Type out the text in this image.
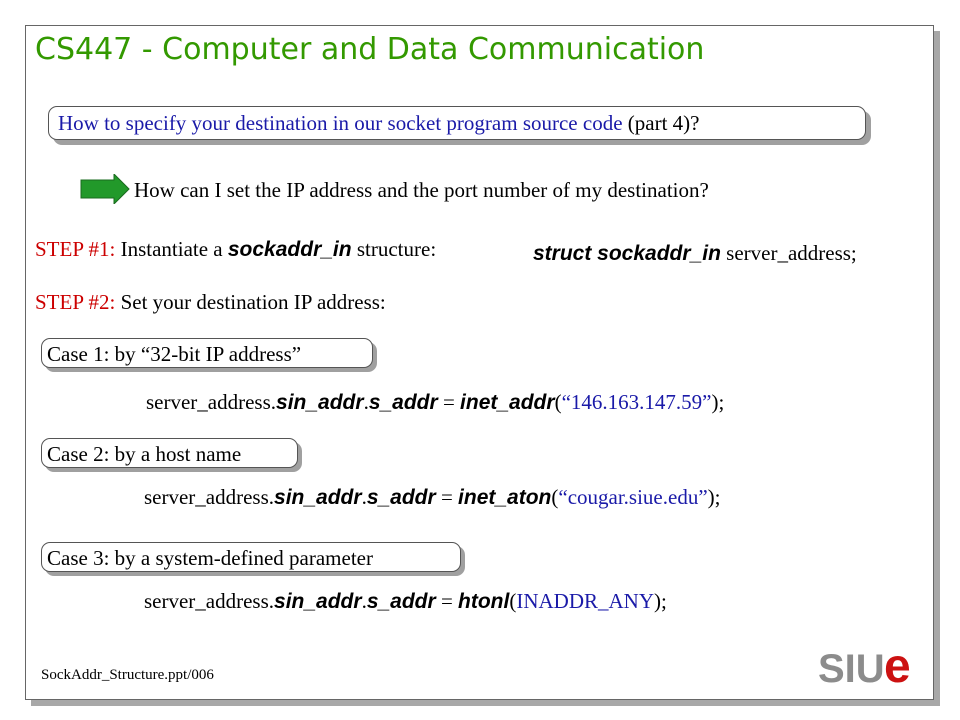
CS447 - Computer and Data Communication
How to specify your destination in our socket program source code (part 4)?
How can I set the IP address and the port number of my destination?
STEP #1: Instantiate a sockaddr_in structure:	struct sockaddr_in server_address;
STEP #2: Set your destination IP address:
Case 1: by “32-bit IP address”
server_address.sin_addr.s_addr = inet_addr(“146.163.147.59”);
Case 2: by a host name
server_address.sin_addr.s_addr = inet_aton(“cougar.siue.edu”);
Case 3: by a system-defined parameter
server_address.sin_addr.s_addr = htonl(INADDR_ANY);
SockAddr_Structure.ppt/006	SIU e
